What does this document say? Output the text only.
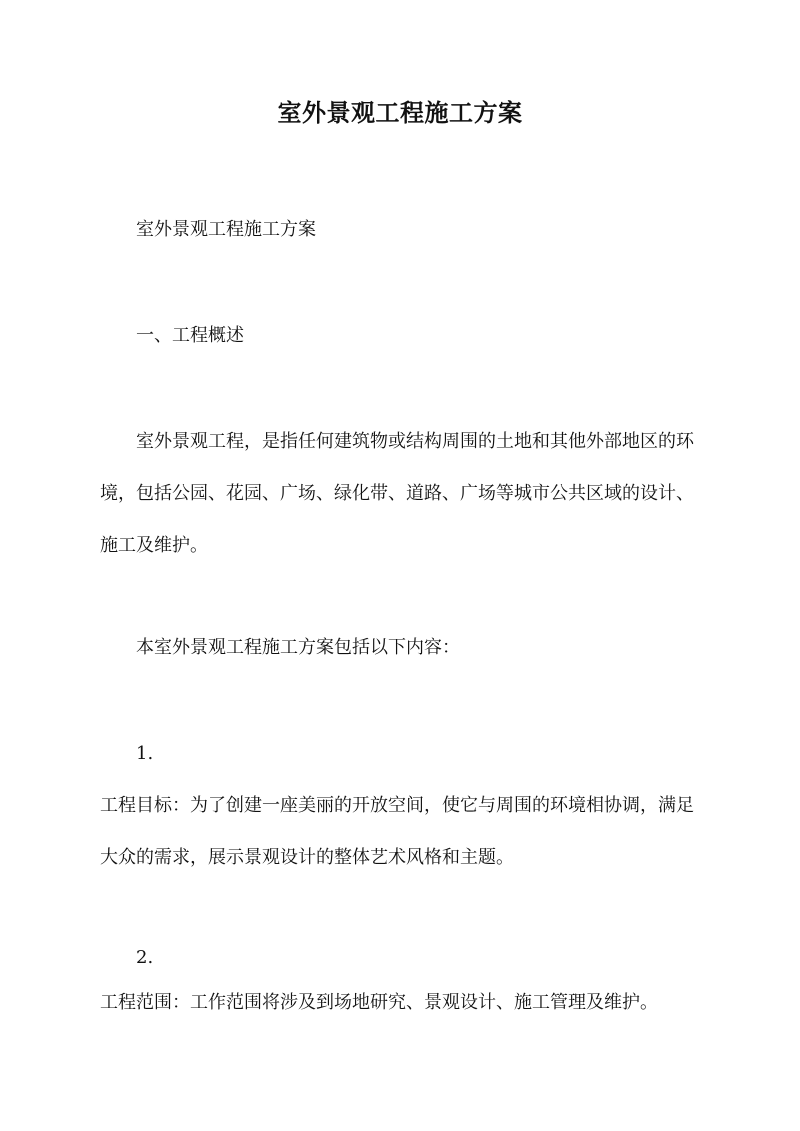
室外景观工程施工方案

室外景观工程施工方案

一、工程概述

室外景观工程，是指任何建筑物或结构周围的土地和其他外部地区的环境，包括公园、花园、广场、绿化带、道路、广场等城市公共区域的设计、施工及维护。

本室外景观工程施工方案包括以下内容：

1.

工程目标：为了创建一座美丽的开放空间，使它与周围的环境相协调，满足大众的需求，展示景观设计的整体艺术风格和主题。

2.

工程范围：工作范围将涉及到场地研究、景观设计、施工管理及维护。
